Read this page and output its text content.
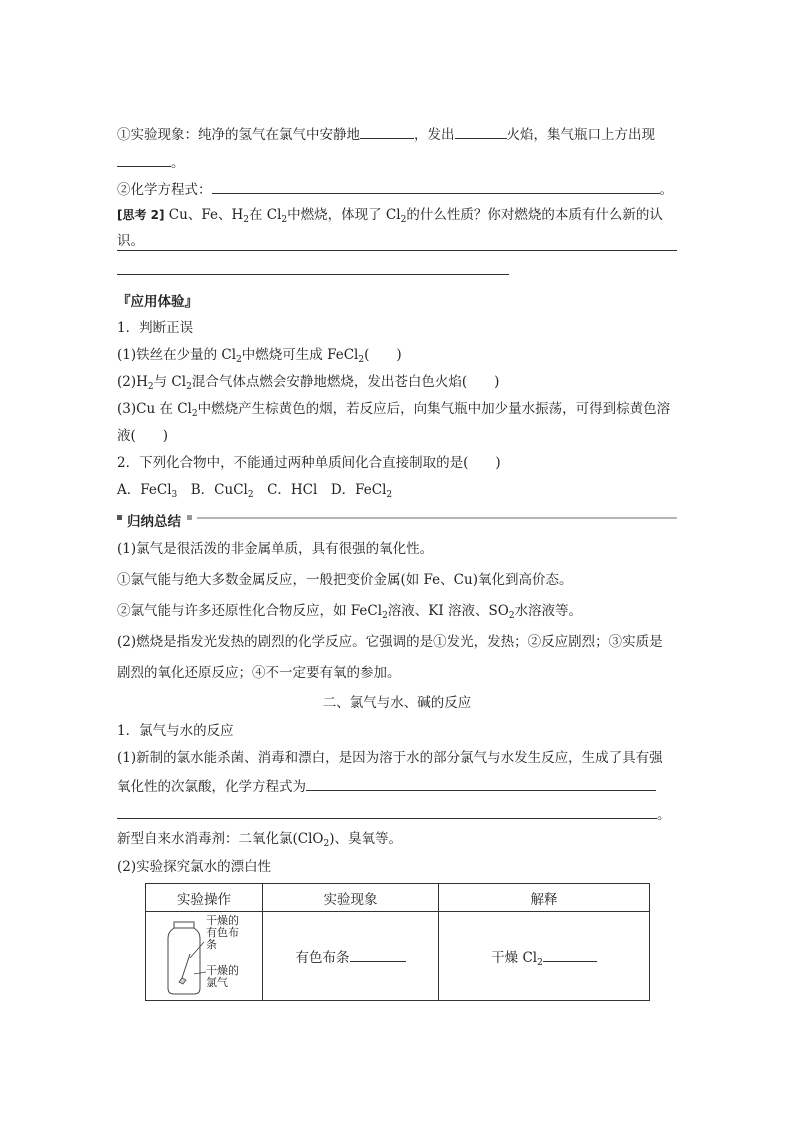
①实验现象：纯净的氢气在氯气中安静地	，发出	火焰，集气瓶口上方出现
。
②化学方程式：	。
[思考 2] Cu、Fe、$H_2$在 $Cl_2$中燃烧，体现了 $Cl_2$的什么性质？你对燃烧的本质有什么新的认
识。
『应用体验』
1．判断正误
(1)铁丝在少量的 $Cl_2$中燃烧可生成 FeCl$_2$(　　)
$(2)H_2$与 $Cl_2$混合气体点燃会安静地燃烧，发出苍白色火焰(　　)
(3)Cu 在 $Cl_2$中燃烧产生棕黄色的烟，若反应后，向集气瓶中加少量水振荡，可得到棕黄色溶
液(　　)
2．下列化合物中，不能通过两种单质间化合直接制取的是(　　)
A．FeCl$_3$　B．CuCl$_2$　C．HCl　D．FeCl$_2$
归纳总结
(1)氯气是很活泼的非金属单质，具有很强的氧化性。
①氯气能与绝大多数金属反应，一般把变价金属(如 Fe、Cu)氧化到高价态。
②氯气能与许多还原性化合物反应，如 FeCl$_2$溶液、KI 溶液、$SO_2$水溶液等。
(2)燃烧是指发光发热的剧烈的化学反应。它强调的是①发光，发热；②反应剧烈；③实质是
剧烈的氧化还原反应；④不一定要有氧的参加。
二、氯气与水、碱的反应
1．氯气与水的反应
(1)新制的氯水能杀菌、消毒和漂白，是因为溶于水的部分氯气与水发生反应，生成了具有强
氧化性的次氯酸，化学方程式为
。
新型自来水消毒剂：二氧化氯(ClO$_2$)、臭氧等。
(2)实验探究氯水的漂白性
实验操作	实验现象	解释

干燥的
有色布
条
干燥的
氯气	有色布条	干燥 $Cl_2$
